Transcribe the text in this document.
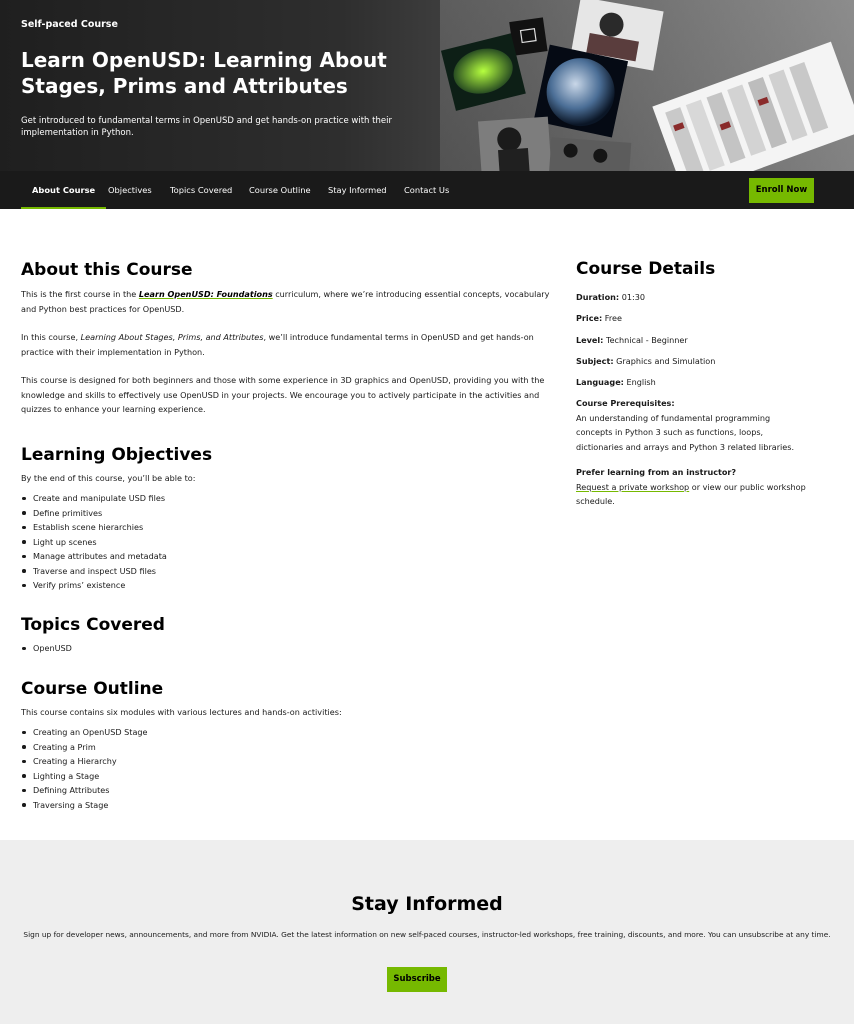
Self-paced Course
Learn OpenUSD: Learning About Stages, Prims and Attributes

Get introduced to fundamental terms in OpenUSD and get hands-on practice with their implementation in Python.

About Course Objectives Topics Covered Course Outline Stay Informed Contact Us	Enroll Now
About this Course

This is the first course in the Learn OpenUSD: Foundations curriculum, where we’re introducing essential concepts, vocabulary and Python best practices for OpenUSD.

In this course, Learning About Stages, Prims, and Attributes, we’ll introduce fundamental terms in OpenUSD and get hands-on practice with their implementation in Python.

This course is designed for both beginners and those with some experience in 3D graphics and OpenUSD, providing you with the knowledge and skills to effectively use OpenUSD in your projects. We encourage you to actively participate in the activities and quizzes to enhance your learning experience.

Learning Objectives

By the end of this course, you’ll be able to:

Create and manipulate USD files
Define primitives
Establish scene hierarchies
Light up scenes
Manage attributes and metadata
Traverse and inspect USD files
Verify prims’ existence
Topics Covered
OpenUSD
Course Outline

This course contains six modules with various lectures and hands-on activities:

Creating an OpenUSD Stage
Creating a Prim
Creating a Hierarchy
Lighting a Stage
Defining Attributes
Traversing a Stage
Course Details
Duration: 01:30
Price: Free
Level: Technical - Beginner
Subject: Graphics and Simulation
Language: English
Course Prerequisites:
An understanding of fundamental programming
concepts in Python 3 such as functions, loops,
dictionaries and arrays and Python 3 related libraries.
Prefer learning from an instructor?
Request a private workshop or view our public workshop
schedule.
Stay Informed

Sign up for developer news, announcements, and more from NVIDIA. Get the latest information on new self-paced courses, instructor-led workshops, free training, discounts, and more. You can unsubscribe at any time.

Subscribe
